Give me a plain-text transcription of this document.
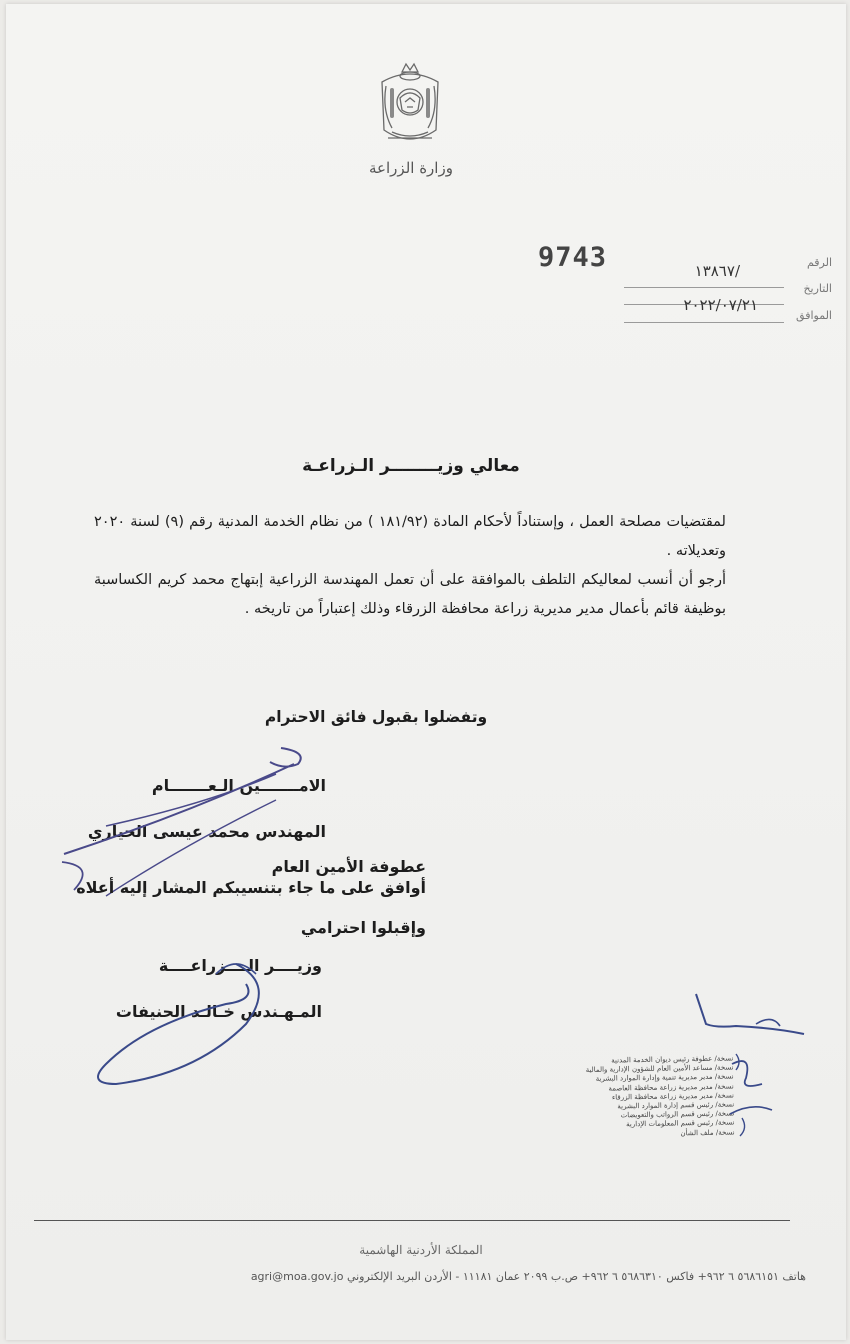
وزارة الزراعة
9743	الرقم
/١٣٨٦٧
التاريخ
الموافق
٢٠٢٢/٠٧/٢١
معالي وزيــــــــر الـزراعـة
لمقتضيات مصلحة العمل ، وإستناداً لأحكام المادة (١٨١/٩٢ ) من نظام الخدمة المدنية رقم (٩) لسنة ٢٠٢٠ وتعديلاته .
أرجو أن أنسب لمعاليكم التلطف بالموافقة على أن تعمل المهندسة الزراعية إبتهاج محمد كريم الكساسبة بوظيفة قائم بأعمال مدير مديرية زراعة محافظة الزرقاء وذلك إعتباراً من تاريخه .
وتفضلوا بقبول فائق الاحترام
الامـــــــين الـعـــــــام
المهندس محمد عيسى الحياري
عطوفة الأمين العام
أوافق على ما جاء بتنسيبكم المشار إليه أعلاه
وإقبلوا احترامي
وزيــــر الــــزراعــــة
المـهـندس خـالـد الحنيفات
نسخة/ عطوفة رئيس ديوان الخدمة المدنية
نسخة/ مساعد الأمين العام للشؤون الإدارية والمالية
نسخة/ مدير مديرية تنمية وإدارة الموارد البشرية
نسخة/ مدير مديرية زراعة محافظة العاصمة
نسخة/ مدير مديرية زراعة محافظة الزرقاء
نسخة/ رئيس قسم إدارة الموارد البشرية
نسخة/ رئيس قسم الرواتب والتعويضات
نسخة/ رئيس قسم المعلومات الإدارية
نسخة/ ملف الشأن
المملكة الأردنية الهاشمية
هاتف ٥٦٨٦١٥١ ٦ ٩٦٢+ فاكس ٥٦٨٦٣١٠ ٦ ٩٦٢+ ص.ب ٢٠٩٩ عمان ١١١٨١ - الأردن البريد الإلكتروني agri@moa.gov.jo
